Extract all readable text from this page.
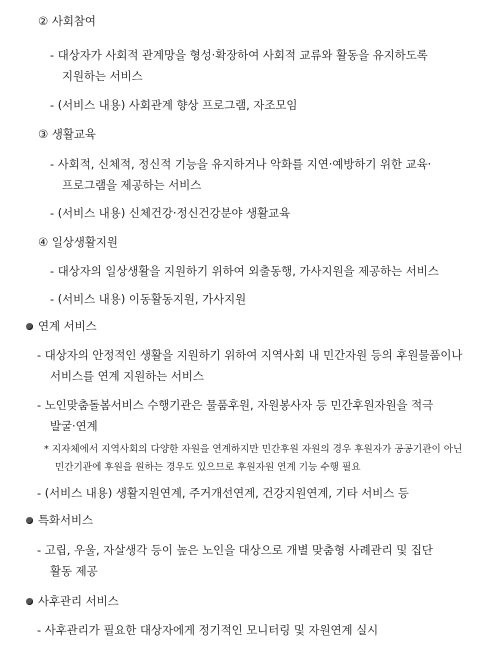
② 사회참여
- 대상자가 사회적 관계망을 형성·확장하여 사회적 교류와 활동을 유지하도록
지원하는 서비스
- (서비스 내용) 사회관계 향상 프로그램, 자조모임
③ 생활교육
- 사회적, 신체적, 정신적 기능을 유지하거나 악화를 지연·예방하기 위한 교육·
프로그램을 제공하는 서비스
- (서비스 내용) 신체건강·정신건강분야 생활교육
④ 일상생활지원
- 대상자의 일상생활을 지원하기 위하여 외출동행, 가사지원을 제공하는 서비스
- (서비스 내용) 이동활동지원, 가사지원
연계 서비스
- 대상자의 안정적인 생활을 지원하기 위하여 지역사회 내 민간자원 등의 후원물품이나
서비스를 연계 지원하는 서비스
- 노인맞춤돌봄서비스 수행기관은 물품후원, 자원봉사자 등 민간후원자원을 적극
발굴·연계
* 지자체에서 지역사회의 다양한 자원을 연계하지만 민간후원 자원의 경우 후원자가 공공기관이 아닌
민간기관에 후원을 원하는 경우도 있으므로 후원자원 연계 기능 수행 필요
- (서비스 내용) 생활지원연계, 주거개선연계, 건강지원연계, 기타 서비스 등
특화서비스
- 고립, 우울, 자살생각 등이 높은 노인을 대상으로 개별 맞춤형 사례관리 및 집단
활동 제공
사후관리 서비스
- 사후관리가 필요한 대상자에게 정기적인 모니터링 및 자원연계 실시
